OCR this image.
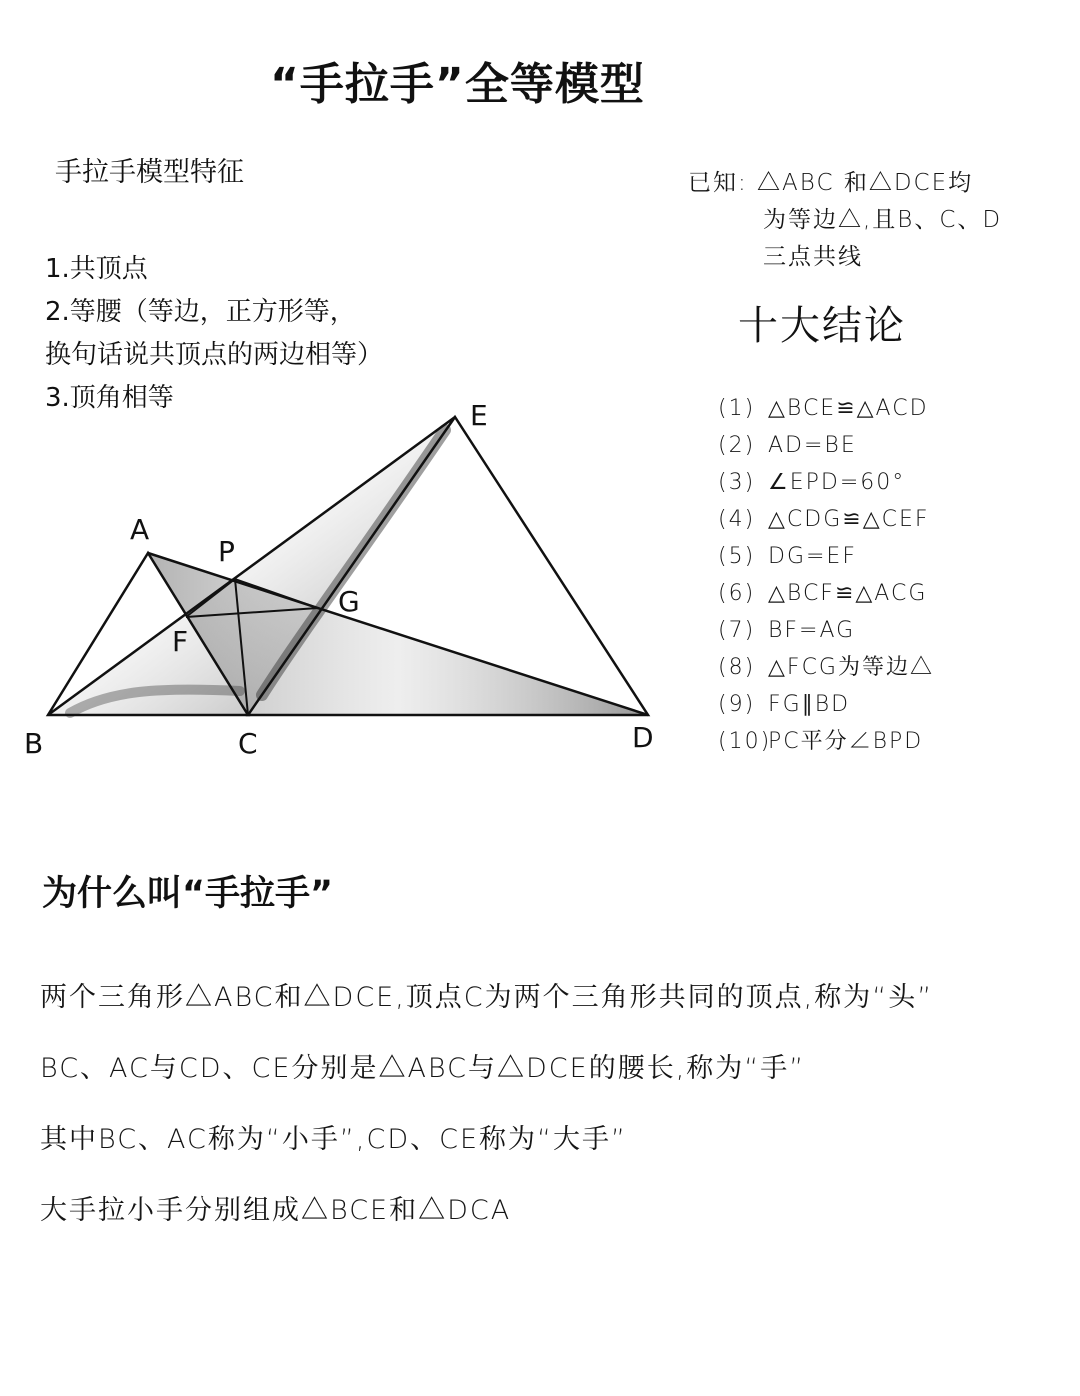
“手拉手”全等模型
手拉手模型特征
1.共顶点
2.等腰（等边，正方形等，
换句话说共顶点的两边相等）
3.顶角相等
已知: △ABC 和△DCE均
为等边△,且B、C、D
三点共线
十大结论
(1) △BCE≌△ACD
(2) AD=BE
(3) ∠EPD=60°
(4) △CDG≌△CEF
(5) DG=EF
(6) △BCF≌△ACG
(7) BF=AG
(8) △FCG为等边△
(9) FG∥BD
(10)PC平分∠BPD
A
B	C	D
E
P
F
G
为什么叫“手拉手”
两个三角形△ABC和△DCE,顶点C为两个三角形共同的顶点,称为“头”
BC、AC与CD、CE分别是△ABC与△DCE的腰长,称为“手”
其中BC、AC称为“小手”,CD、CE称为“大手”
大手拉小手分别组成△BCE和△DCA
